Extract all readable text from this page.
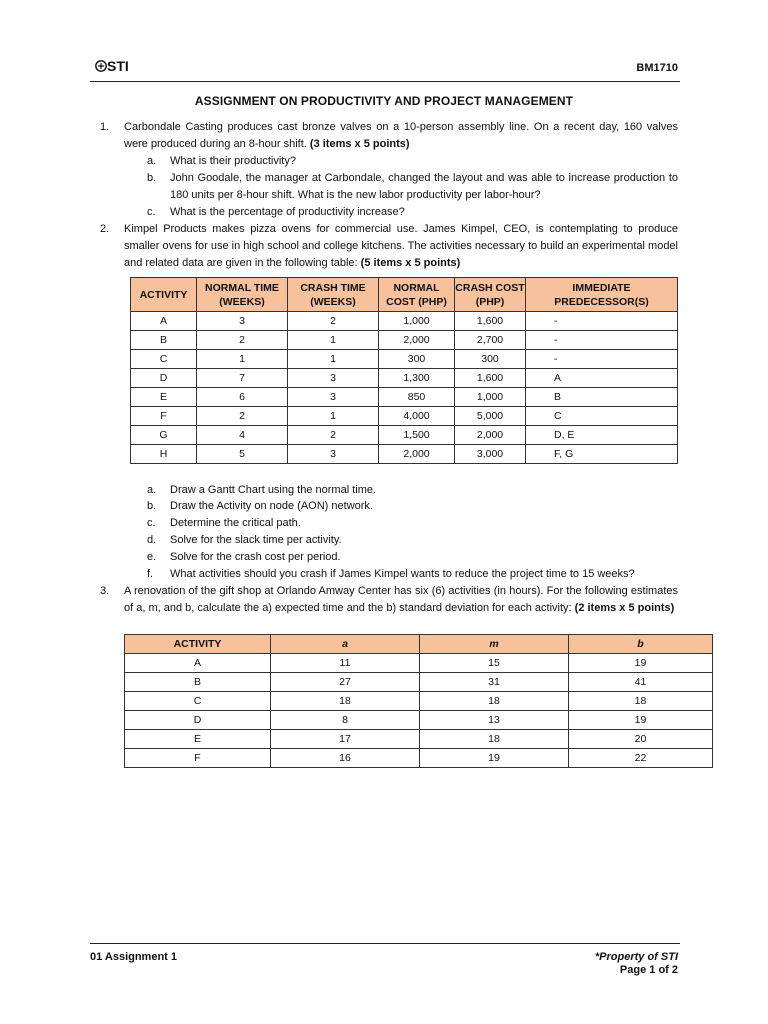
STI	BM1710
ASSIGNMENT ON PRODUCTIVITY AND PROJECT MANAGEMENT
1. Carbondale Casting produces cast bronze valves on a 10-person assembly line. On a recent day, 160 valves were produced during an 8-hour shift. (3 items x 5 points)
a. What is their productivity?
b. John Goodale, the manager at Carbondale, changed the layout and was able to increase production to 180 units per 8-hour shift. What is the new labor productivity per labor-hour?
c. What is the percentage of productivity increase?
2. Kimpel Products makes pizza ovens for commercial use. James Kimpel, CEO, is contemplating to produce smaller ovens for use in high school and college kitchens. The activities necessary to build an experimental model and related data are given in the following table: (5 items x 5 points)
ACTIVITY	NORMAL TIME (WEEKS)	CRASH TIME (WEEKS)	NORMAL COST (PHP)	CRASH COST (PHP)	IMMEDIATE PREDECESSOR(S)
A	3	2	1,000	1,600	-
B	2	1	2,000	2,700	-
C	1	1	300	300	-
D	7	3	1,300	1,600	A
E	6	3	850	1,000	B
F	2	1	4,000	5,000	C
G	4	2	1,500	2,000	D, E
H	5	3	2,000	3,000	F, G
a. Draw a Gantt Chart using the normal time.
b. Draw the Activity on node (AON) network.
c. Determine the critical path.
d. Solve for the slack time per activity.
e. Solve for the crash cost per period.
f. What activities should you crash if James Kimpel wants to reduce the project time to 15 weeks?
3. A renovation of the gift shop at Orlando Amway Center has six (6) activities (in hours). For the following estimates of a, m, and b, calculate the a) expected time and the b) standard deviation for each activity: (2 items x 5 points)
ACTIVITY	a	m	b
A	11	15	19
B	27	31	41
C	18	18	18
D	8	13	19
E	17	18	20
F	16	19	22
01 Assignment 1	*Property of STI
Page 1 of 2
